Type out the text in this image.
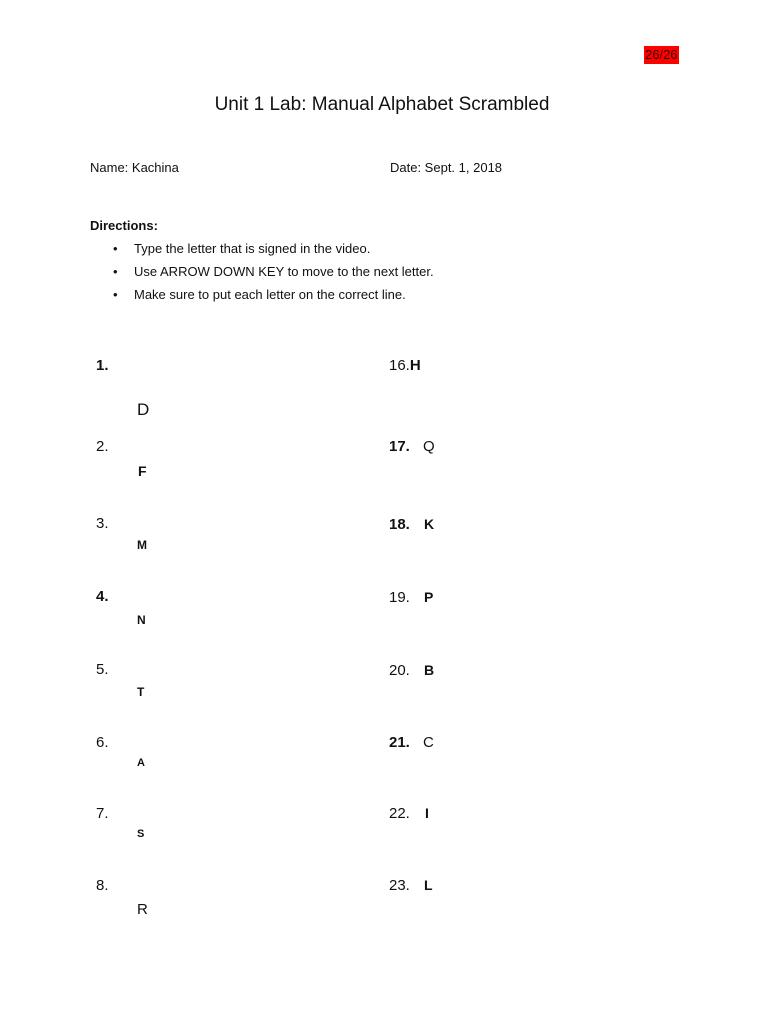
26/26
Unit 1 Lab: Manual Alphabet Scrambled
Name: Kachina	Date: Sept. 1, 2018
Directions:
• Type the letter that is signed in the video.
• Use ARROW DOWN KEY to move to the next letter.
• Make sure to put each letter on the correct line.
1.
2.
3.
4.
5.
6.
7.
8.
D
F
M
N
T
A
S
R
16.H
17.
18.
19.
20.
21.
22.
23.
Q
K
P
B
C
I
L
